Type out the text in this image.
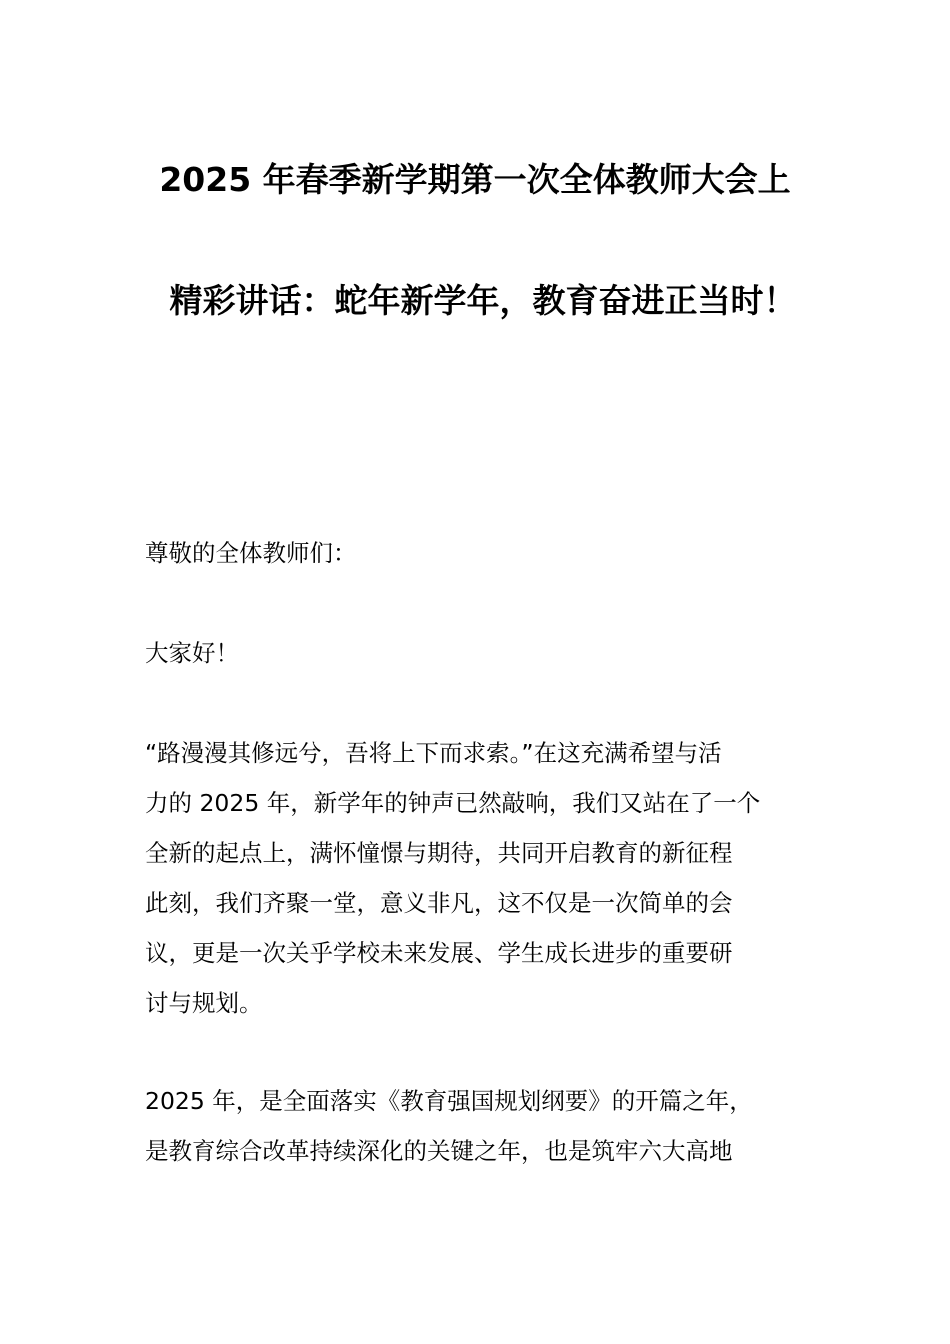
2025 年春季新学期第一次全体教师大会上
精彩讲话：蛇年新学年，教育奋进正当时！
尊敬的全体教师们：
大家好！
“路漫漫其修远兮，吾将上下而求索。”在这充满希望与活
力的 2025 年，新学年的钟声已然敲响，我们又站在了一个
全新的起点上，满怀憧憬与期待，共同开启教育的新征程
此刻，我们齐聚一堂，意义非凡，这不仅是一次简单的会
议，更是一次关乎学校未来发展、学生成长进步的重要研
讨与规划。
2025 年，是全面落实《教育强国规划纲要》的开篇之年，
是教育综合改革持续深化的关键之年，也是筑牢六大高地
